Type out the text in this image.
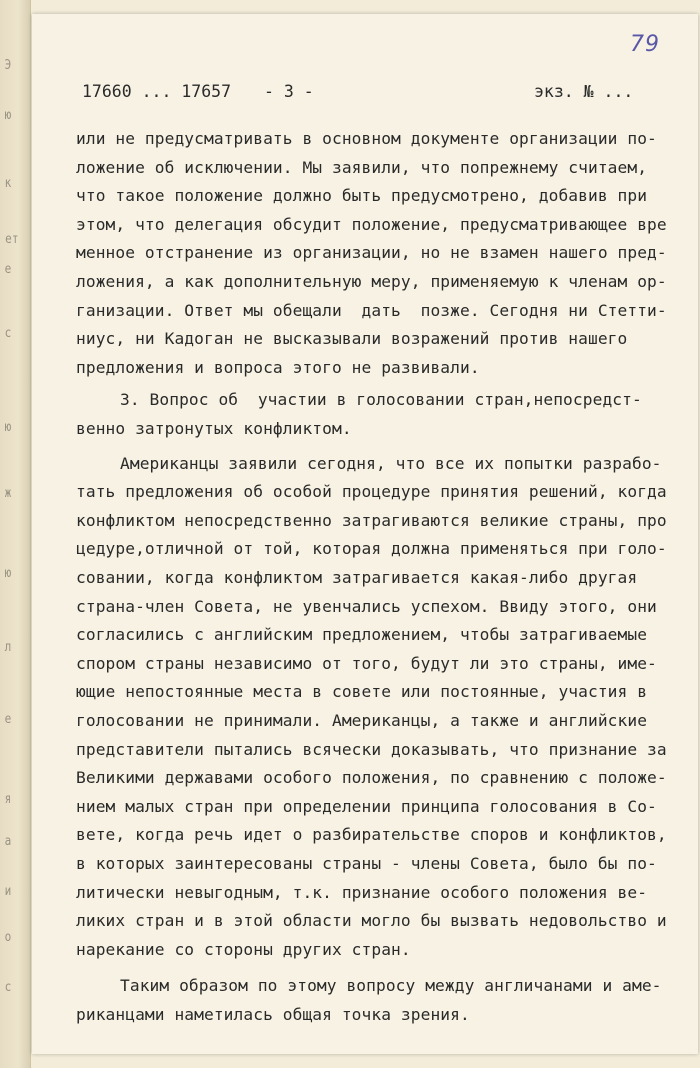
Э
ю
к
ет
е
с
ю
ж
ю
л
е
я
а
и
о
с
79
17660 ... 17657 - 3 -	экз. № ...
или не предусматривать в основном документе организации по-
ложение об исключении. Мы заявили, что попрежнему считаем,
что такое положение должно быть предусмотрено, добавив при
этом, что делегация обсудит положение, предусматривающее вре
менное отстранение из организации, но не взамен нашего пред-
ложения, а как дополнительную меру, применяемую к членам ор-
ганизации. Ответ мы обещали  дать  позже. Сегодня ни Стетти-
ниус, ни Кадоган не высказывали возражений против нашего
предложения и вопроса этого не развивали.
3. Вопрос об  участии в голосовании стран,непосредст-
венно затронутых конфликтом.
Американцы заявили сегодня, что все их попытки разрабо-
тать предложения об особой процедуре принятия решений, когда
конфликтом непосредственно затрагиваются великие страны, про
цедуре,отличной от той, которая должна применяться при голо-
совании, когда конфликтом затрагивается какая-либо другая
страна-член Совета, не увенчались успехом. Ввиду этого, они
согласились с английским предложением, чтобы затрагиваемые
спором страны независимо от того, будут ли это страны, име-
ющие непостоянные места в совете или постоянные, участия в
голосовании не принимали. Американцы, а также и английские
представители пытались всячески доказывать, что признание за
Великими державами особого положения, по сравнению с положе-
нием малых стран при определении принципа голосования в Со-
вете, когда речь идет о разбирательстве споров и конфликтов,
в которых заинтересованы страны - члены Совета, было бы по-
литически невыгодным, т.к. признание особого положения ве-
ликих стран и в этой области могло бы вызвать недовольство и
нарекание со стороны других стран.
Таким образом по этому вопросу между англичанами и аме-
риканцами наметилась общая точка зрения.
